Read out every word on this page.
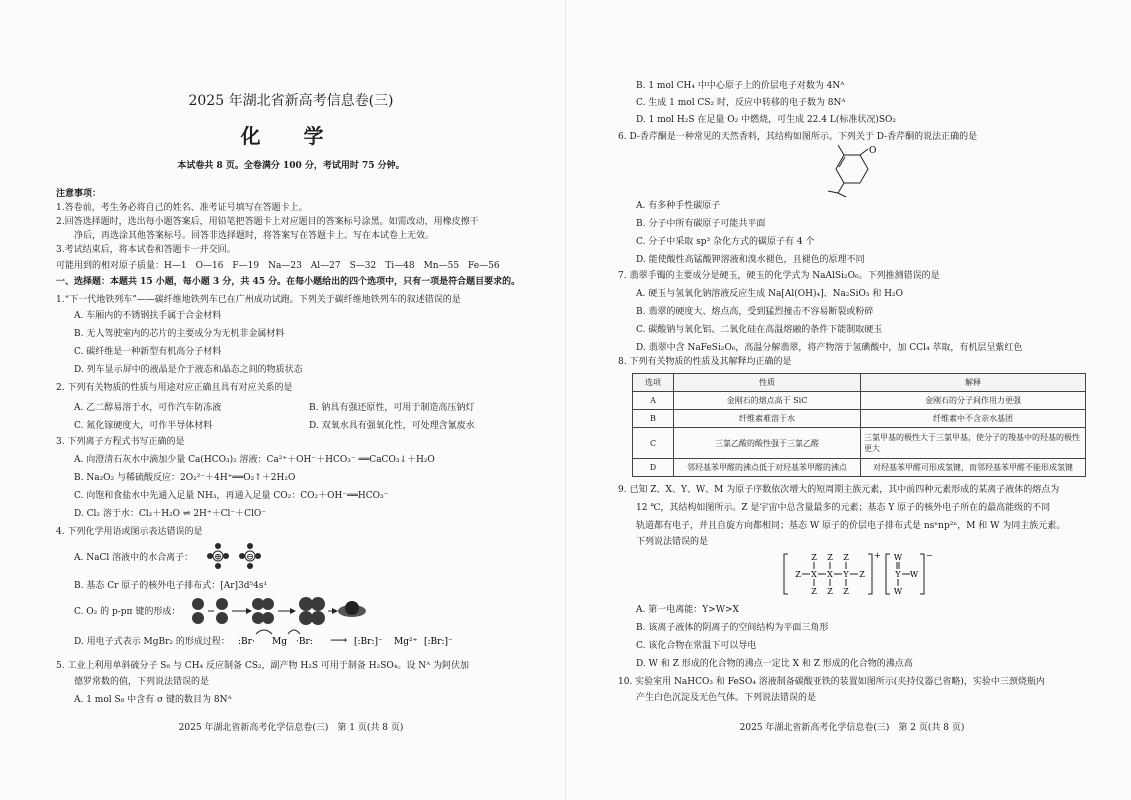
2025 年湖北省新高考信息卷(三)
化 学
本试卷共 8 页。全卷满分 100 分，考试用时 75 分钟。
注意事项：
1.答卷前，考生务必将自己的姓名、准考证号填写在答题卡上。
2.回答选择题时，选出每小题答案后，用铅笔把答题卡上对应题目的答案标号涂黑。如需改动，用橡皮擦干
净后，再选涂其他答案标号。回答非选择题时，将答案写在答题卡上。写在本试卷上无效。
3.考试结束后，将本试卷和答题卡一并交回。
可能用到的相对原子质量：H—1　O—16　F—19　Na—23　Al—27　S—32　Ti—48　Mn—55　Fe—56
一、选择题：本题共 15 小题，每小题 3 分，共 45 分。在每小题给出的四个选项中，只有一项是符合题目要求的。
1.“下一代地铁列车”——碳纤维地铁列车已在广州成功试跑。下列关于碳纤维地铁列车的叙述错误的是
A. 车厢内的不锈钢扶手属于合金材料
B. 无人驾驶室内的芯片的主要成分为无机非金属材料
C. 碳纤维是一种新型有机高分子材料
D. 列车显示屏中的液晶是介于液态和晶态之间的物质状态
2. 下列有关物质的性质与用途对应正确且具有对应关系的是
A. 乙二醇易溶于水，可作汽车防冻液	B. 钠具有强还原性，可用于制造高压钠灯
C. 氮化镓硬度大，可作半导体材料	D. 双氧水具有强氧化性，可处理含氰废水
3. 下列离子方程式书写正确的是
A. 向澄清石灰水中滴加少量 Ca(HCO₃)₂ 溶液：Ca²⁺＋OH⁻＋HCO₃⁻ ══CaCO₃↓＋H₂O
B. Na₂O₂ 与稀硫酸反应：2O₂²⁻＋4H⁺══O₂↑＋2H₂O
C. 向饱和食盐水中先通入足量 NH₃，再通入足量 CO₂：CO₂＋OH⁻══HCO₃⁻
D. Cl₂ 溶于水：Cl₂＋H₂O ⇌ 2H⁺＋Cl⁻＋ClO⁻
4. 下列化学用语或图示表达错误的是
A. NaCl 溶液中的水合离子： ⊕	⊖
B. 基态 Cr 原子的核外电子排布式：[Ar]3d⁵4s¹
C. O₂ 的 p-pπ 键的形成：
D. 用电子式表示 MgBr₂ 的形成过程： :Br· Mg ·Br: ⟶ [:Br:]⁻ Mg²⁺ [:Br:]⁻
5. 工业上利用单斜硫分子 S₈ 与 CH₄ 反应制备 CS₂，副产物 H₂S 可用于制备 H₂SO₄。设 Nᴬ 为阿伏加
德罗常数的值，下列说法错误的是
A. 1 mol S₈ 中含有 σ 键的数目为 8Nᴬ
2025 年湖北省新高考化学信息卷(三)　第 1 页(共 8 页)
B. 1 mol CH₄ 中中心原子上的价层电子对数为 4Nᴬ
C. 生成 1 mol CS₂ 时，反应中转移的电子数为 8Nᴬ
D. 1 mol H₂S 在足量 O₂ 中燃烧，可生成 22.4 L(标准状况)SO₂
6. D-香芹酮是一种常见的天然香料，其结构如图所示。下列关于 D-香芹酮的说法正确的是
O
A. 有多种手性碳原子
B. 分子中所有碳原子可能共平面
C. 分子中采取 sp³ 杂化方式的碳原子有 4 个
D. 能使酸性高锰酸钾溶液和溴水褪色，且褪色的原理不同
7. 翡翠手镯的主要成分是硬玉，硬玉的化学式为 NaAlSi₂O₆。下列推测错误的是
A. 硬玉与氢氧化钠溶液反应生成 Na[Al(OH)₄]、Na₂SiO₃ 和 H₂O
B. 翡翠的硬度大、熔点高，受到猛烈撞击不容易断裂或粉碎
C. 碳酸钠与氧化铝、二氧化硅在高温熔融的条件下能制取硬玉
D. 翡翠中含 NaFeSi₂O₆，高温分解翡翠，将产物溶于氢碘酸中，加 CCl₄ 萃取，有机层呈紫红色
8. 下列有关物质的性质及其解释均正确的是
选项	性质	解释
A	金刚石的熔点高于 SiC	金刚石的分子间作用力更强
B	纤维素难溶于水	纤维素中不含亲水基团
C	三氯乙酸的酸性强于三氯乙醛	三氯甲基的极性大于三氯甲基，使分子的羧基中的羟基的极性更大
D	邻羟基苯甲醛的沸点低于对羟基苯甲醛的沸点	对羟基苯甲醛可形成氢键，而邻羟基苯甲醛不能形成氢键
9. 已知 Z、X、Y、W、M 为原子序数依次增大的短周期主族元素，其中前四种元素形成的某离子液体的熔点为
12 ℃，其结构如图所示。Z 是宇宙中总含量最多的元素；基态 Y 原子的核外电子所在的最高能级的不同
轨道都有电子，并且自旋方向都相同；基态 W 原子的价层电子排布式是 nsⁿnp²ⁿ，M 和 W 为同主族元素。
下列说法错误的是
+
Z Z Z
Z X X Y Z
Z Z Z
−
W
Y W
W
A. 第一电离能：Y>W>X
B. 该离子液体的阴离子的空间结构为平面三角形
C. 该化合物在常温下可以导电
D. W 和 Z 形成的化合物的沸点一定比 X 和 Z 形成的化合物的沸点高
10. 实验室用 NaHCO₃ 和 FeSO₄ 溶液制备碳酸亚铁的装置如图所示(夹持仪器已省略)，实验中三颈烧瓶内
产生白色沉淀及无色气体。下列说法错误的是
2025 年湖北省新高考化学信息卷(三)　第 2 页(共 8 页)
